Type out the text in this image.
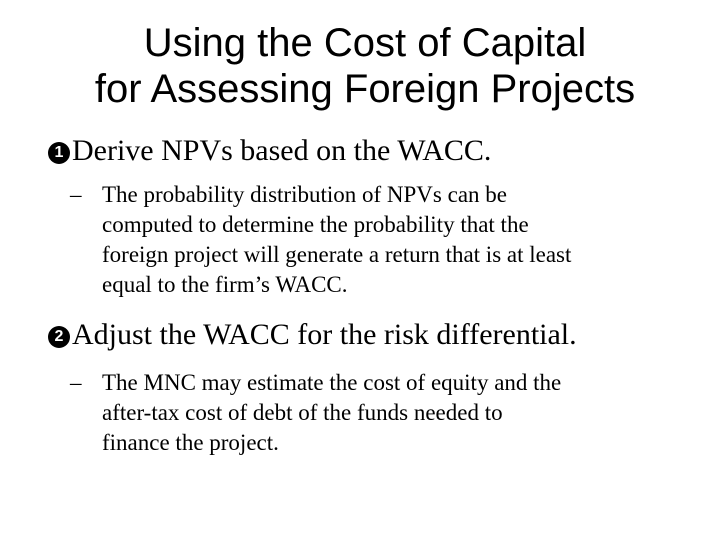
Using the Cost of Capital
for Assessing Foreign Projects
1 Derive NPVs based on the WACC.
– The probability distribution of NPVs can be
computed to determine the probability that the
foreign project will generate a return that is at least
equal to the firm’s WACC.
2 Adjust the WACC for the risk differential.
– The MNC may estimate the cost of equity and the
after-tax cost of debt of the funds needed to
finance the project.
